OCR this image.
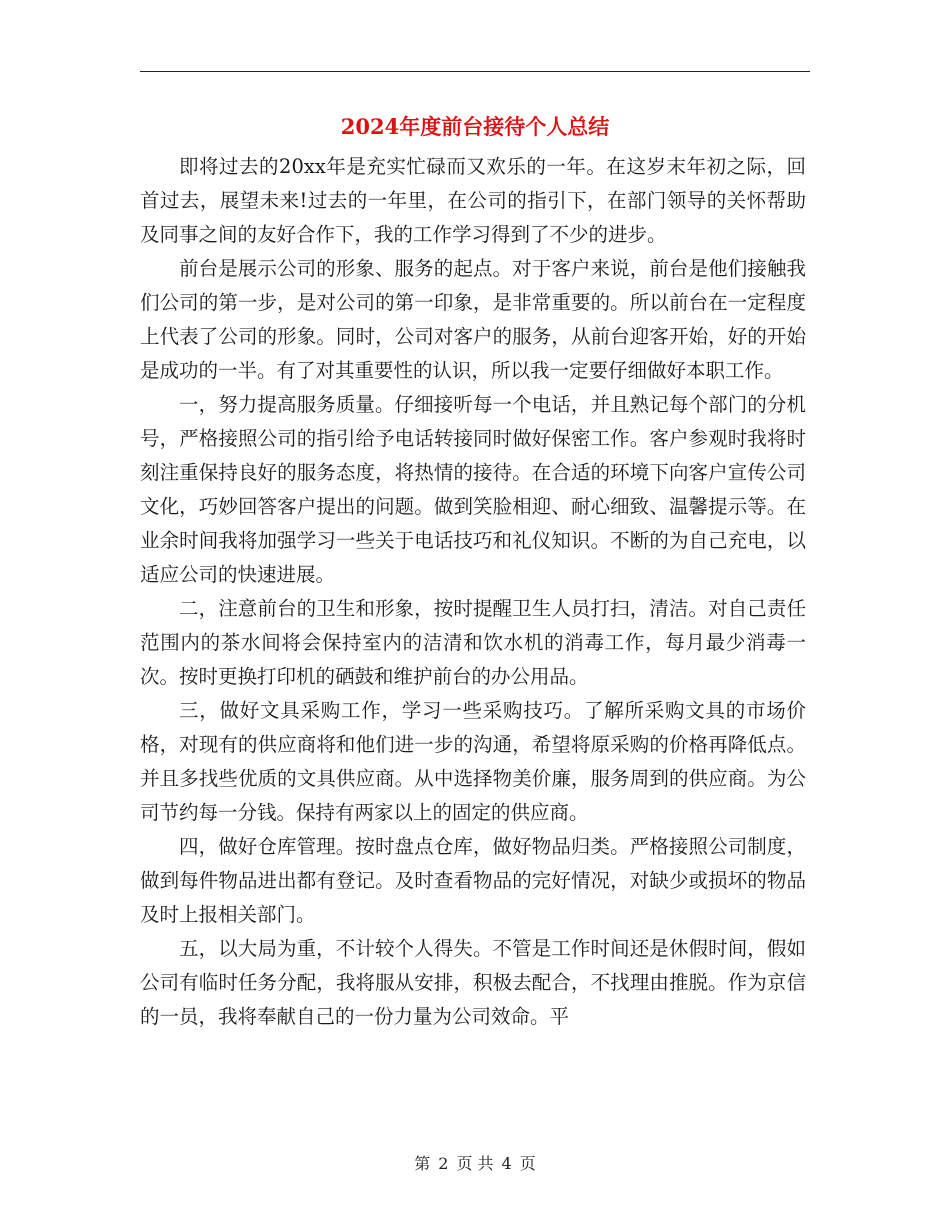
2024年度前台接待个人总结

即将过去的20xx年是充实忙碌而又欢乐的一年。在这岁末年初之际，回首过去，展望未来!过去的一年里，在公司的指引下，在部门领导的关怀帮助及同事之间的友好合作下，我的工作学习得到了不少的进步。

前台是展示公司的形象、服务的起点。对于客户来说，前台是他们接触我们公司的第一步，是对公司的第一印象，是非常重要的。所以前台在一定程度上代表了公司的形象。同时，公司对客户的服务，从前台迎客开始，好的开始是成功的一半。有了对其重要性的认识，所以我一定要仔细做好本职工作。

一，努力提高服务质量。仔细接听每一个电话，并且熟记每个部门的分机号，严格接照公司的指引给予电话转接同时做好保密工作。客户参观时我将时刻注重保持良好的服务态度，将热情的接待。在合适的环境下向客户宣传公司文化，巧妙回答客户提出的问题。做到笑脸相迎、耐心细致、温馨提示等。在业余时间我将加强学习一些关于电话技巧和礼仪知识。不断的为自己充电，以适应公司的快速进展。

二，注意前台的卫生和形象，按时提醒卫生人员打扫，清洁。对自己责任范围内的茶水间将会保持室内的洁清和饮水机的消毒工作，每月最少消毒一次。按时更换打印机的硒鼓和维护前台的办公用品。

三，做好文具采购工作，学习一些采购技巧。了解所采购文具的市场价格，对现有的供应商将和他们进一步的沟通，希望将原采购的价格再降低点。并且多找些优质的文具供应商。从中选择物美价廉，服务周到的供应商。为公司节约每一分钱。保持有两家以上的固定的供应商。

四，做好仓库管理。按时盘点仓库，做好物品归类。严格接照公司制度，做到每件物品进出都有登记。及时查看物品的完好情况，对缺少或损坏的物品及时上报相关部门。

五，以大局为重，不计较个人得失。不管是工作时间还是休假时间，假如公司有临时任务分配，我将服从安排，积极去配合，不找理由推脱。作为京信的一员，我将奉献自己的一份力量为公司效命。平

第 2 页 共 4 页
